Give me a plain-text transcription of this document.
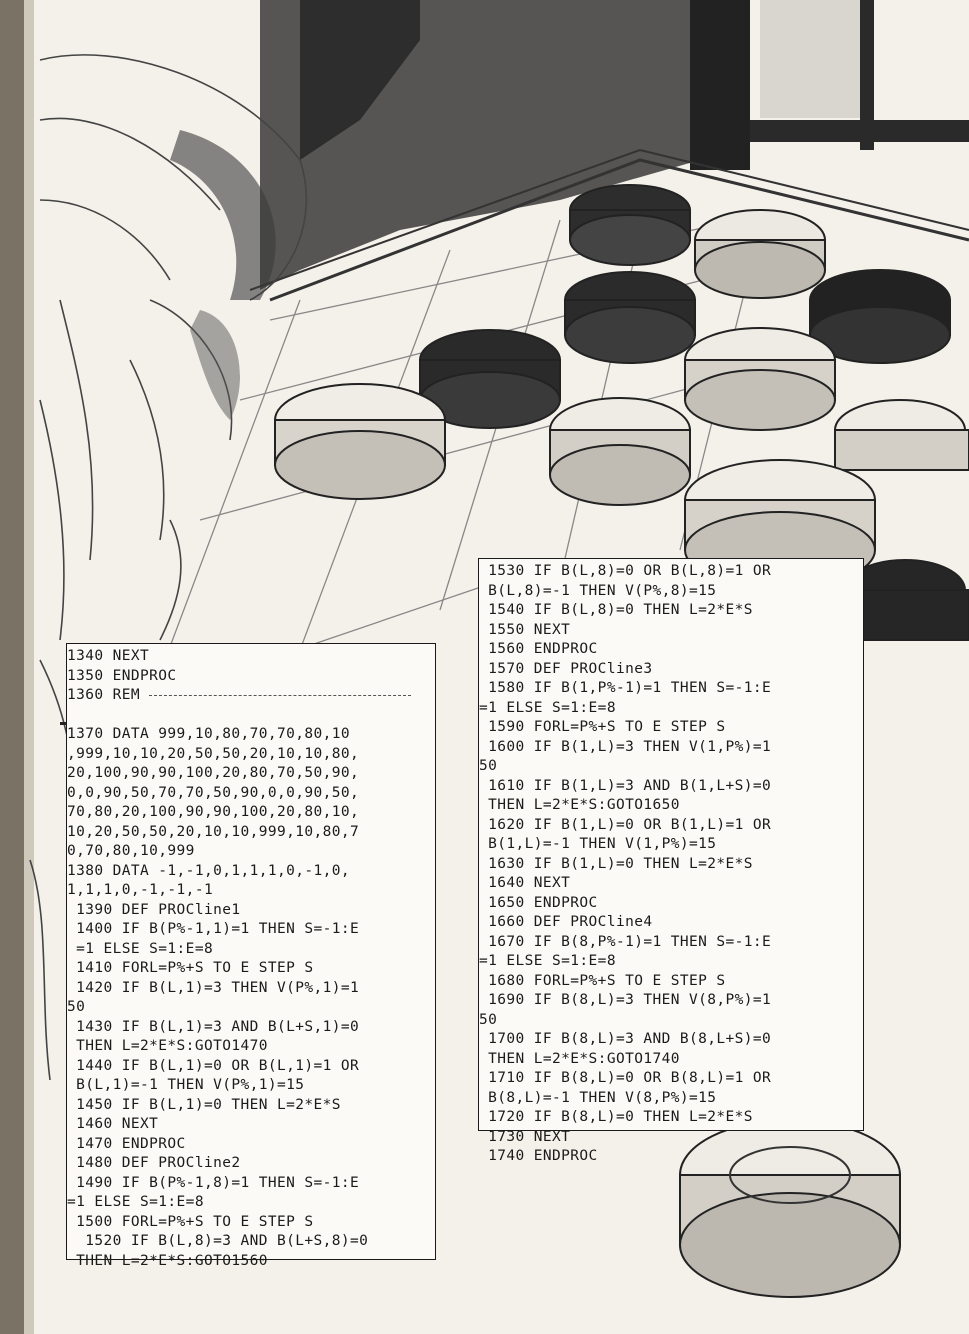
1340 NEXT
1350 ENDPROC
1360 REM
1370 DATA 999,10,80,70,70,80,10
,999,10,10,20,50,50,20,10,10,80,
20,100,90,90,100,20,80,70,50,90,
0,0,90,50,70,70,50,90,0,0,90,50,
70,80,20,100,90,90,100,20,80,10,
10,20,50,50,20,10,10,999,10,80,7
0,70,80,10,999
1380 DATA -1,-1,0,1,1,1,0,-1,0,
1,1,1,0,-1,-1,-1
1390 DEF PROCline1
1400 IF B(P%-1,1)=1 THEN S=-1:E
=1 ELSE S=1:E=8
1410 FORL=P%+S TO E STEP S
1420 IF B(L,1)=3 THEN V(P%,1)=1
50
1430 IF B(L,1)=3 AND B(L+S,1)=0
THEN L=2*E*S:GOTO1470
1440 IF B(L,1)=0 OR B(L,1)=1 OR
B(L,1)=-1 THEN V(P%,1)=15
1450 IF B(L,1)=0 THEN L=2*E*S
1460 NEXT
1470 ENDPROC
1480 DEF PROCline2
1490 IF B(P%-1,8)=1 THEN S=-1:E
=1 ELSE S=1:E=8
1500 FORL=P%+S TO E STEP S
1520 IF B(L,8)=3 AND B(L+S,8)=0
THEN L=2*E*S:GOTO1560
1530 IF B(L,8)=0 OR B(L,8)=1 OR
B(L,8)=-1 THEN V(P%,8)=15
1540 IF B(L,8)=0 THEN L=2*E*S
1550 NEXT
1560 ENDPROC
1570 DEF PROCline3
1580 IF B(1,P%-1)=1 THEN S=-1:E
=1 ELSE S=1:E=8
1590 FORL=P%+S TO E STEP S
1600 IF B(1,L)=3 THEN V(1,P%)=1
50
1610 IF B(1,L)=3 AND B(1,L+S)=0
THEN L=2*E*S:GOTO1650
1620 IF B(1,L)=0 OR B(1,L)=1 OR
B(1,L)=-1 THEN V(1,P%)=15
1630 IF B(1,L)=0 THEN L=2*E*S
1640 NEXT
1650 ENDPROC
1660 DEF PROCline4
1670 IF B(8,P%-1)=1 THEN S=-1:E
=1 ELSE S=1:E=8
1680 FORL=P%+S TO E STEP S
1690 IF B(8,L)=3 THEN V(8,P%)=1
50
1700 IF B(8,L)=3 AND B(8,L+S)=0
THEN L=2*E*S:GOTO1740
1710 IF B(8,L)=0 OR B(8,L)=1 OR
B(8,L)=-1 THEN V(8,P%)=15
1720 IF B(8,L)=0 THEN L=2*E*S
1730 NEXT
1740 ENDPROC
